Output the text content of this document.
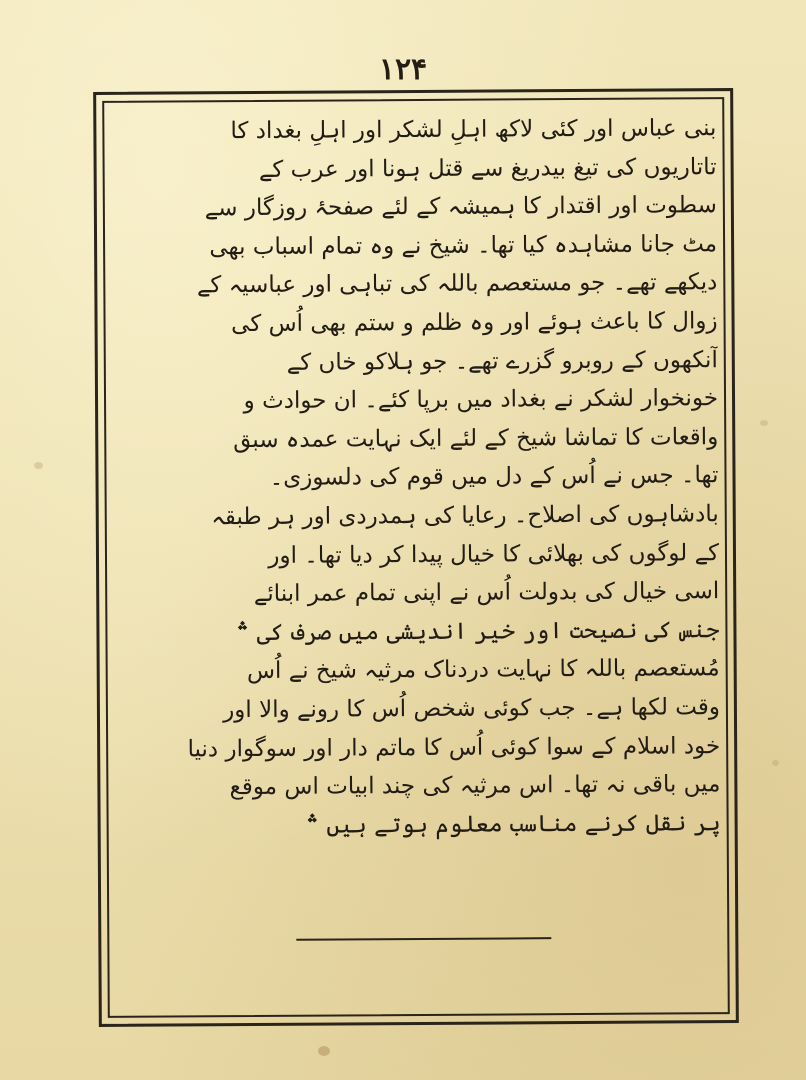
۱۲۴
بنی عباس اور کئی لاکھ اہلِ لشکر اور اہلِ بغداد کا
تاتاریوں کی تیغ بیدریغ سے قتل ہونا اور عرب کے
سطوت اور اقتدار کا ہمیشہ کے لئے صفحۂ روزگار سے
مٹ جانا مشاہدہ کیا تھا۔ شیخ نے وہ تمام اسباب بھی
دیکھے تھے۔ جو مستعصم باللہ کی تباہی اور عباسیہ کے
زوال کا باعث ہوئے اور وہ ظلم و ستم بھی اُس کی
آنکھوں کے روبرو گزرے تھے۔ جو ہلاکو خاں کے
خونخوار لشکر نے بغداد میں برپا کئے۔ ان حوادث و
واقعات کا تماشا شیخ کے لئے ایک نہایت عمدہ سبق
تھا۔ جس نے اُس کے دل میں قوم کی دلسوزی۔
بادشاہوں کی اصلاح۔ رعایا کی ہمدردی اور ہر طبقہ
کے لوگوں کی بھلائی کا خیال پیدا کر دیا تھا۔ اور
اسی خیال کی بدولت اُس نے اپنی تمام عمر ابنائے
جنس کی نصیحت اور خیر اندیشی میں صرف کی ؞
مُستعصم باللہ کا نہایت دردناک مرثیہ شیخ نے اُس
وقت لکھا ہے۔ جب کوئی شخص اُس کا رونے والا اور
خود اسلام کے سوا کوئی اُس کا ماتم دار اور سوگوار دنیا
میں باقی نہ تھا۔ اس مرثیہ کی چند ابیات اس موقع
پر نقل کرنے مناسب معلوم ہوتے ہیں ؞
